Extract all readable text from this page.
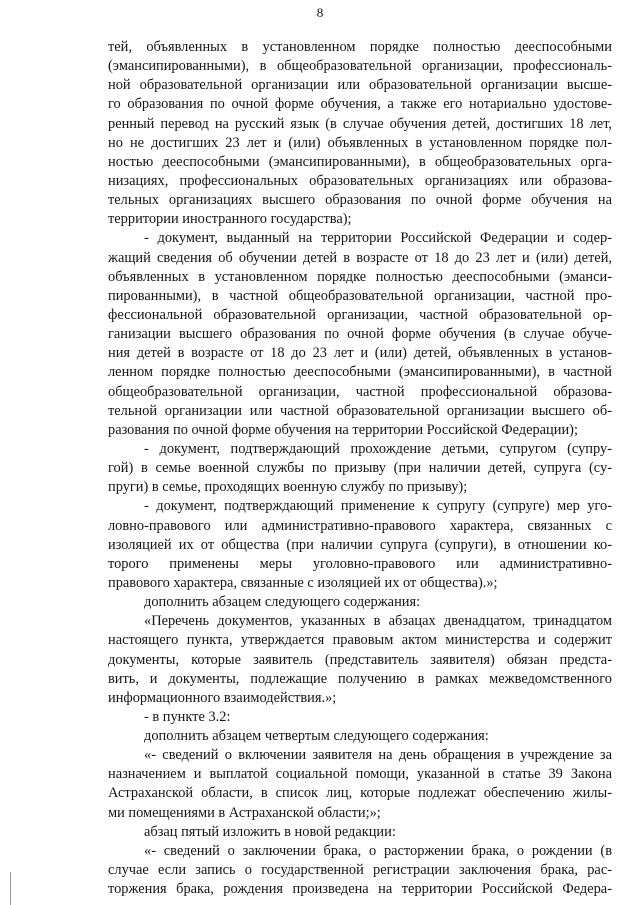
8
тей, объявленных в установленном порядке полностью дееспособными
(эмансипированными), в общеобразовательной организации, профессиональ-
ной образовательной организации или образовательной организации высше-
го образования по очной форме обучения, а также его нотариально удостове-
ренный перевод на русский язык (в случае обучения детей, достигших 18 лет,
но не достигших 23 лет и (или) объявленных в установленном порядке пол-
ностью дееспособными (эмансипированными), в общеобразовательных орга-
низациях, профессиональных образовательных организациях или образова-
тельных организациях высшего образования по очной форме обучения на
территории иностранного государства);
- документ, выданный на территории Российской Федерации и содер-
жащий сведения об обучении детей в возрасте от 18 до 23 лет и (или) детей,
объявленных в установленном порядке полностью дееспособными (эманси-
пированными), в частной общеобразовательной организации, частной про-
фессиональной образовательной организации, частной образовательной ор-
ганизации высшего образования по очной форме обучения (в случае обуче-
ния детей в возрасте от 18 до 23 лет и (или) детей, объявленных в установ-
ленном порядке полностью дееспособными (эмансипированными), в частной
общеобразовательной организации, частной профессиональной образова-
тельной организации или частной образовательной организации высшего об-
разования по очной форме обучения на территории Российской Федерации);
- документ, подтверждающий прохождение детьми, супругом (супру-
гой) в семье военной службы по призыву (при наличии детей, супруга (су-
пруги) в семье, проходящих военную службу по призыву);
- документ, подтверждающий применение к супругу (супруге) мер уго-
ловно-правового или административно-правового характера, связанных с
изоляцией их от общества (при наличии супруга (супруги), в отношении ко-
торого применены меры уголовно-правового или административно-
правового характера, связанные с изоляцией их от общества).»;
дополнить абзацем следующего содержания:
«Перечень документов, указанных в абзацах двенадцатом, тринадцатом
настоящего пункта, утверждается правовым актом министерства и содержит
документы, которые заявитель (представитель заявителя) обязан предста-
вить, и документы, подлежащие получению в рамках межведомственного
информационного взаимодействия.»;
- в пункте 3.2:
дополнить абзацем четвертым следующего содержания:
«- сведений о включении заявителя на день обращения в учреждение за
назначением и выплатой социальной помощи, указанной в статье 39 Закона
Астраханской области, в список лиц, которые подлежат обеспечению жилы-
ми помещениями в Астраханской области;»;
абзац пятый изложить в новой редакции:
«- сведений о заключении брака, о расторжении брака, о рождении (в
случае если запись о государственной регистрации заключения брака, рас-
торжения брака, рождения произведена на территории Российской Федера-
